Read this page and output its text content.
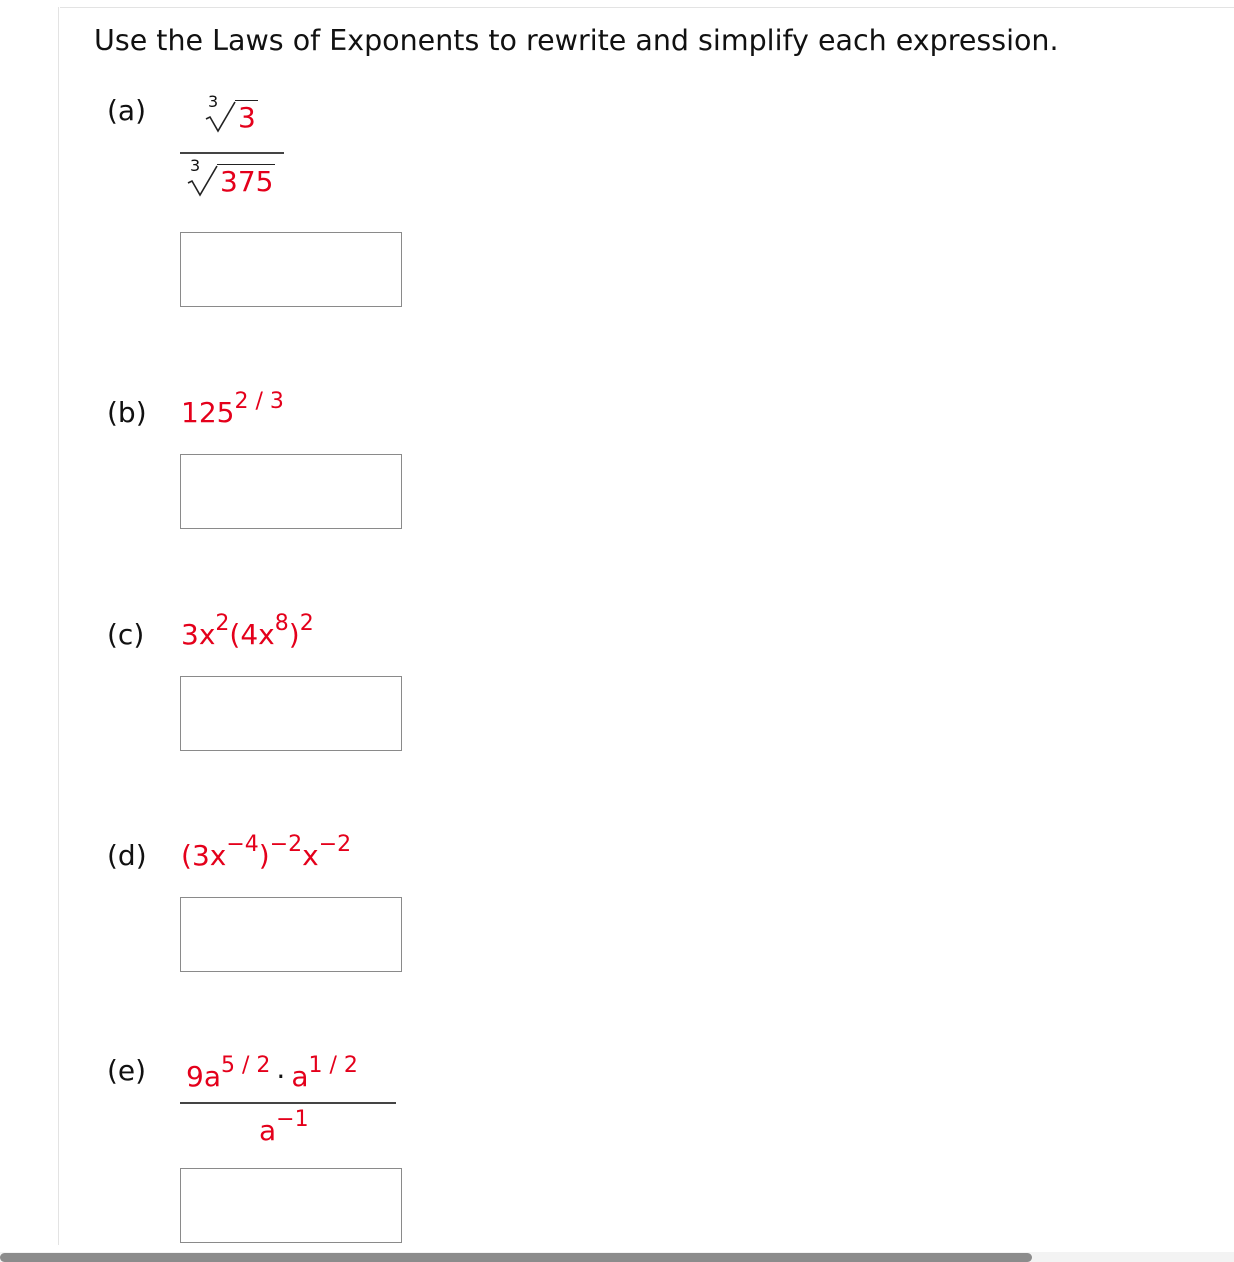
Use the Laws of Exponents to rewrite and simplify each expression.
(a)	3 3
3 375
(b) $125^{2 / 3}$
(c) $3x^2(4x^8)^2$
(d) $(3x^{-4})^{-2}x^{-2}$
(e) $9a^{5 / 2} \cdot a^{1 / 2}$
$a^{-1}$
